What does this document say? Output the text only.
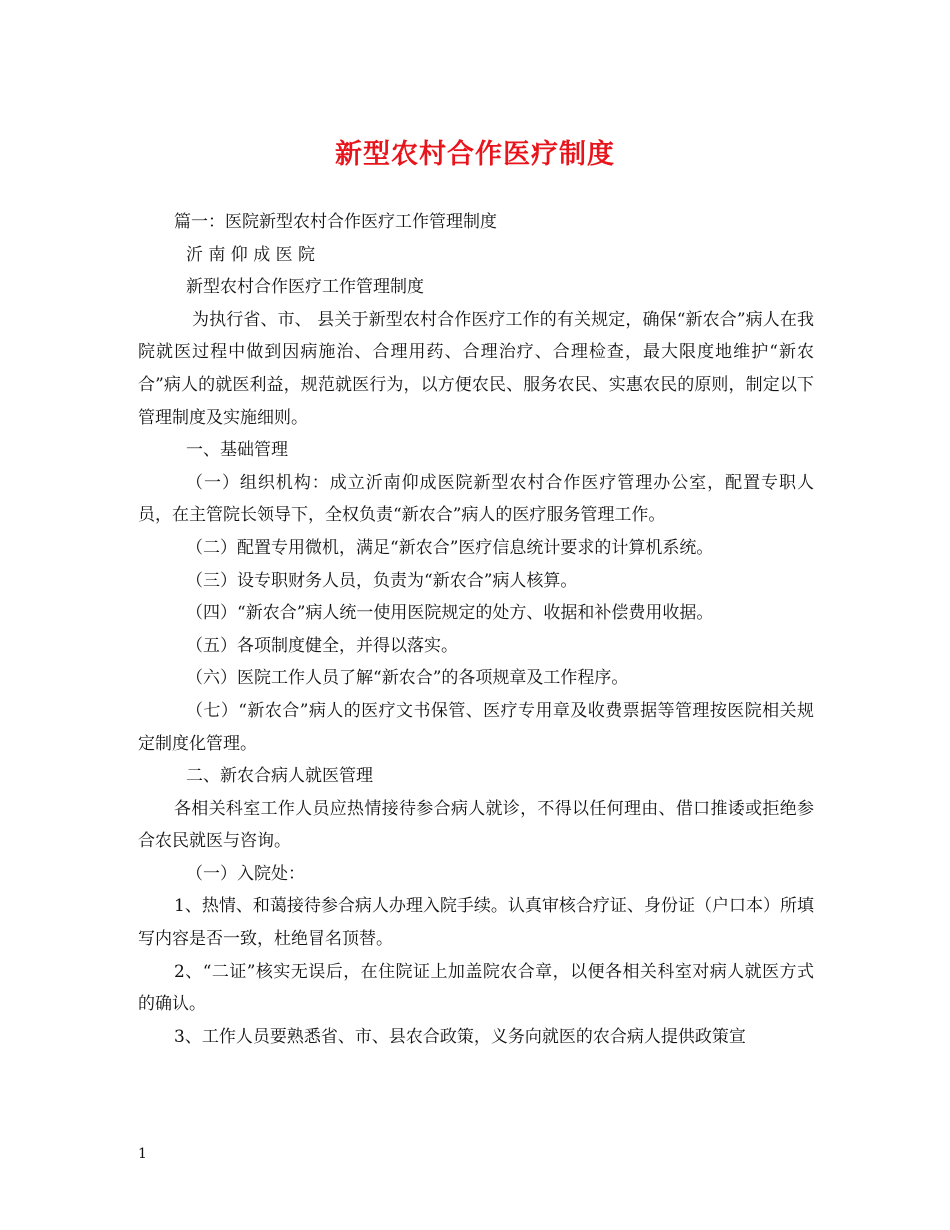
新型农村合作医疗制度

篇一：医院新型农村合作医疗工作管理制度

沂 南 仰 成 医 院

新型农村合作医疗工作管理制度

为执行省、市、 县关于新型农村合作医疗工作的有关规定，确保“新农合”病人在我院就医过程中做到因病施治、合理用药、合理治疗、合理检查，最大限度地维护“新农合”病人的就医利益，规范就医行为，以方便农民、服务农民、实惠农民的原则，制定以下管理制度及实施细则。

一、基础管理

（一）组织机构：成立沂南仰成医院新型农村合作医疗管理办公室，配置专职人员，在主管院长领导下，全权负责“新农合”病人的医疗服务管理工作。

（二）配置专用微机，满足“新农合”医疗信息统计要求的计算机系统。

（三）设专职财务人员，负责为“新农合”病人核算。

（四）“新农合”病人统一使用医院规定的处方、收据和补偿费用收据。

（五）各项制度健全，并得以落实。

（六）医院工作人员了解“新农合”的各项规章及工作程序。

（七）“新农合”病人的医疗文书保管、医疗专用章及收费票据等管理按医院相关规定制度化管理。

二、新农合病人就医管理

各相关科室工作人员应热情接待参合病人就诊，不得以任何理由、借口推诿或拒绝参合农民就医与咨询。

（一）入院处：

1、热情、和蔼接待参合病人办理入院手续。认真审核合疗证、身份证（户口本）所填写内容是否一致，杜绝冒名顶替。

2、“二证”核实无误后，在住院证上加盖院农合章，以便各相关科室对病人就医方式的确认。

3、工作人员要熟悉省、市、县农合政策，义务向就医的农合病人提供政策宣

1
